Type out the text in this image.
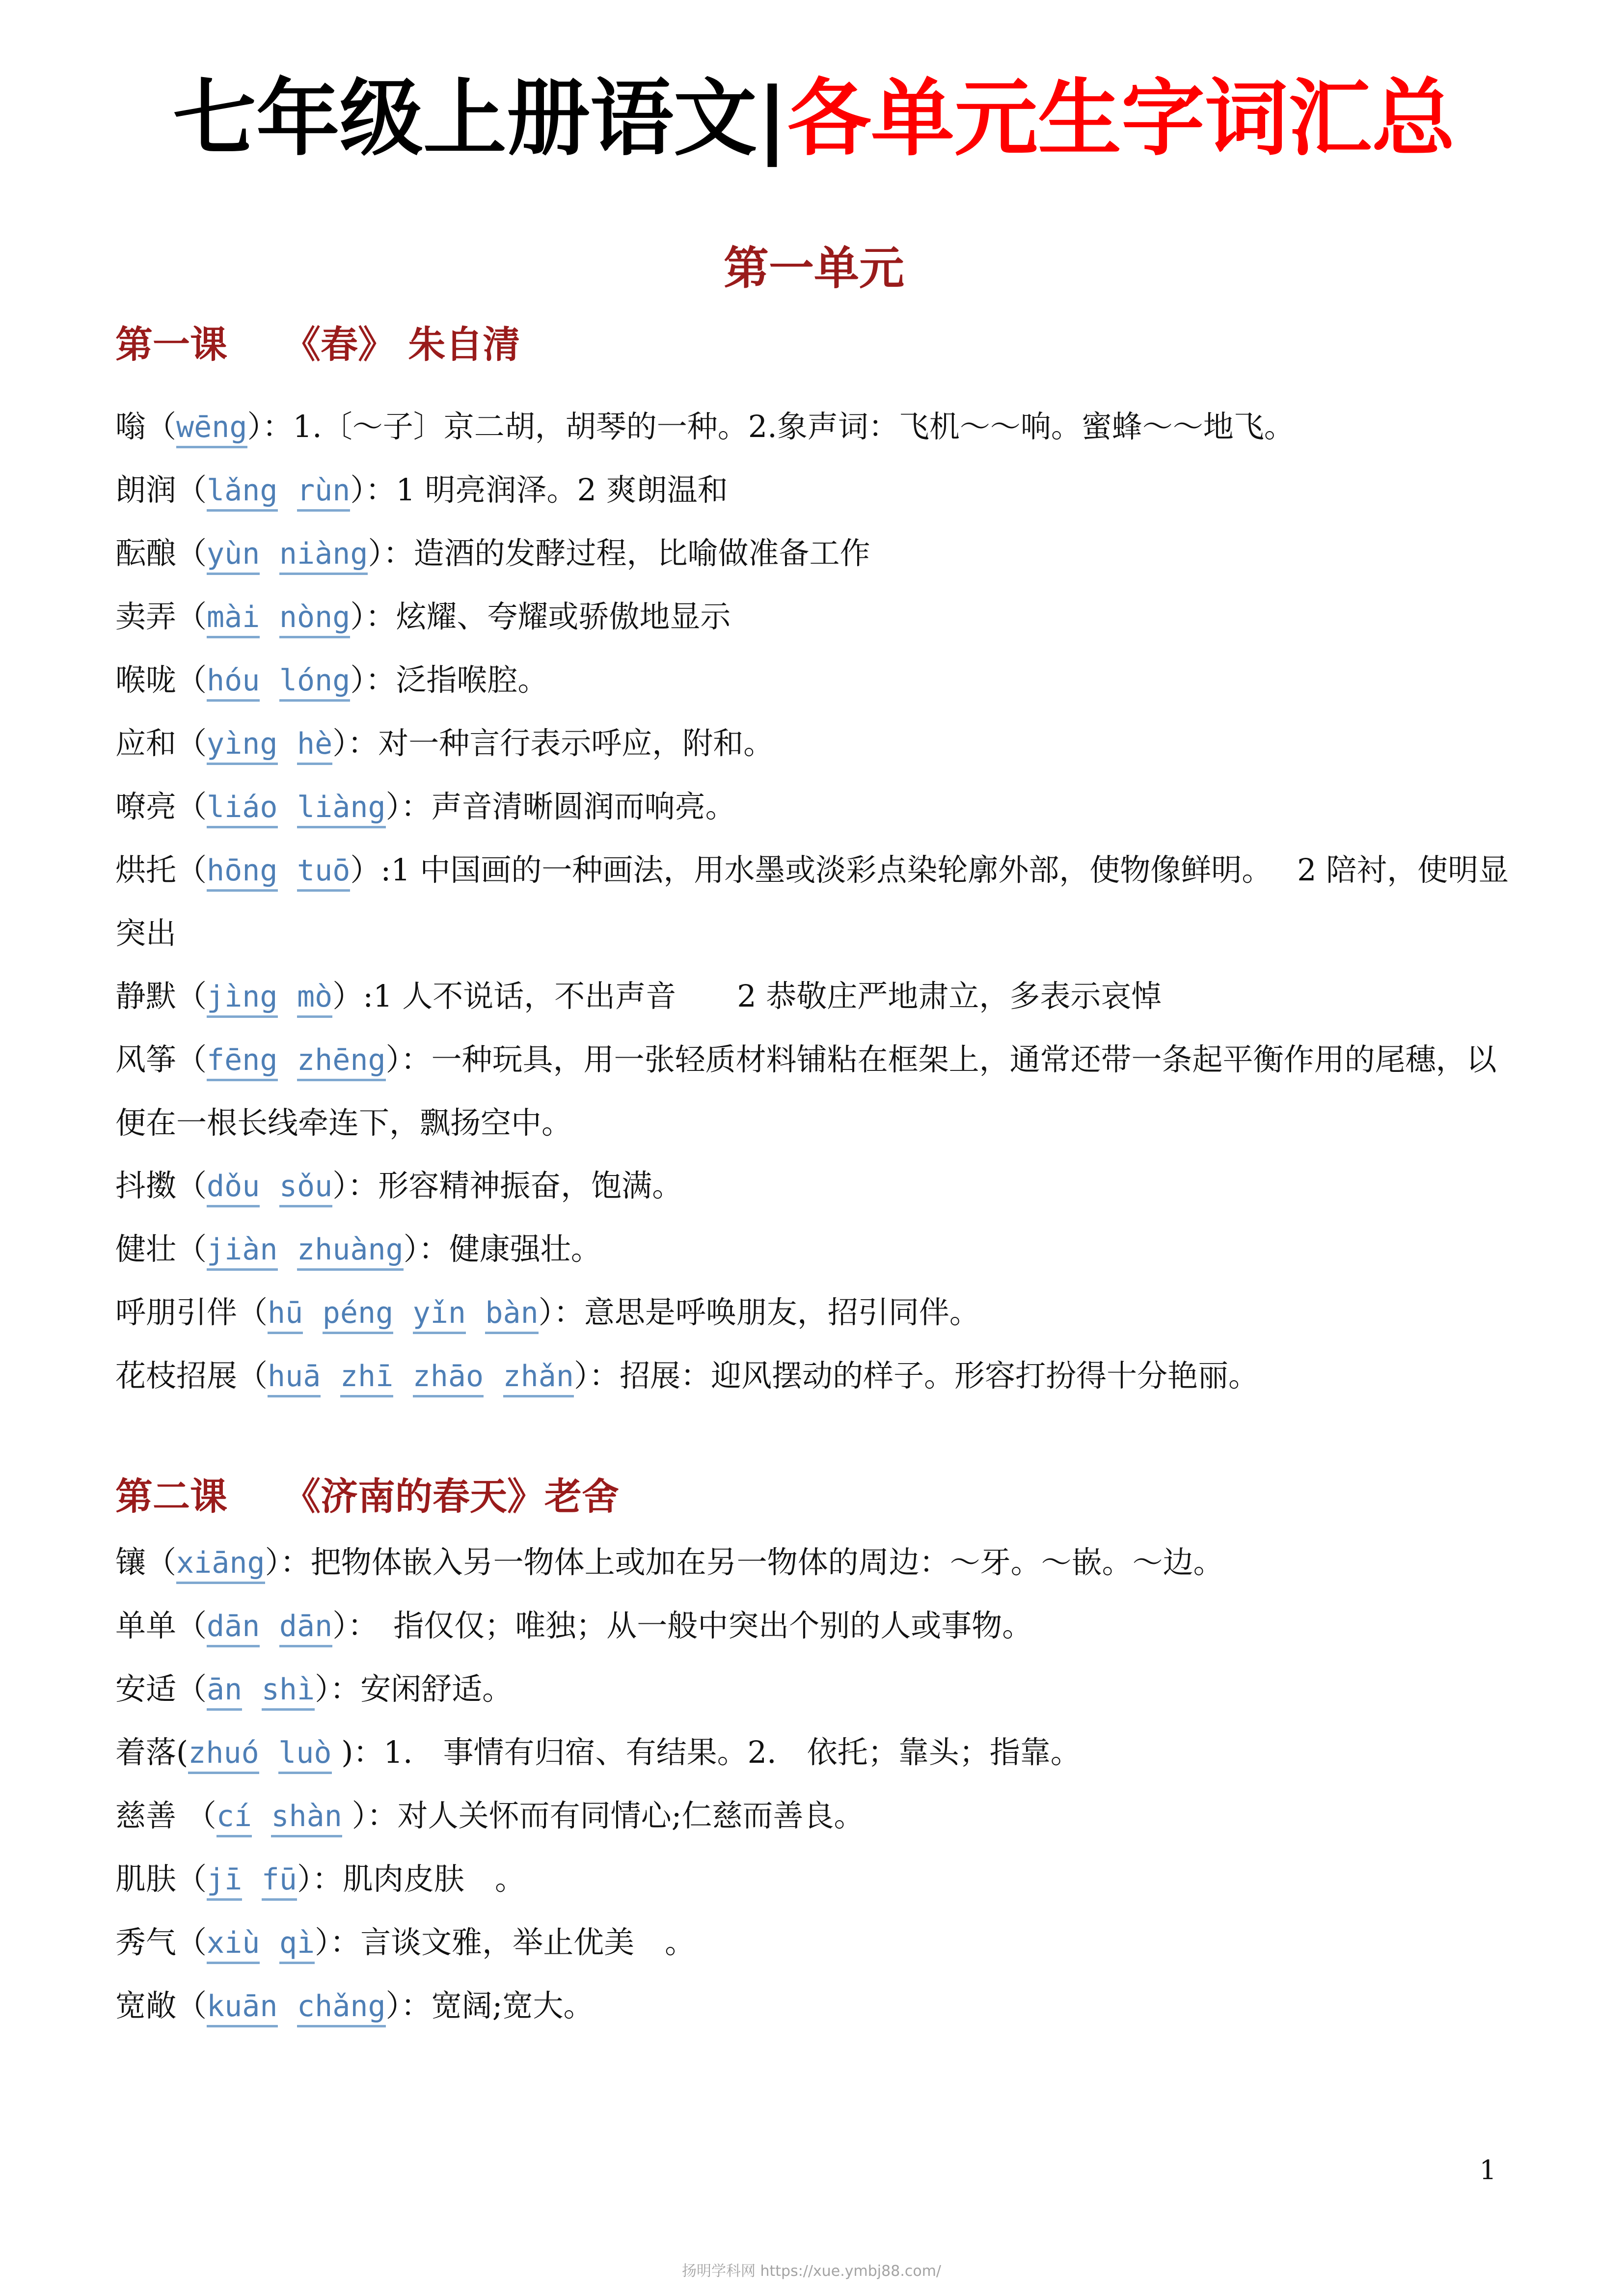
七年级上册语文|各单元生字词汇总
第一单元
第一课　　《春》 朱自清

嗡（wēng）：1.〔～子〕京二胡，胡琴的一种。2.象声词：飞机～～响。蜜蜂～～地飞。

朗润（lǎng rùn）：1 明亮润泽。2 爽朗温和

酝酿（yùn niàng）：造酒的发酵过程，比喻做准备工作

卖弄（mài nòng）：炫耀、夸耀或骄傲地显示

喉咙（hóu lóng）：泛指喉腔。

应和（yìng hè）：对一种言行表示呼应，附和。

嘹亮（liáo liàng）：声音清晰圆润而响亮。

烘托（hōng tuō）:1 中国画的一种画法，用水墨或淡彩点染轮廓外部，使物像鲜明。　 2 陪衬，使明显突出

静默（jìng mò）:1 人不说话，不出声音　　2 恭敬庄严地肃立，多表示哀悼

风筝（fēng zhēng）：一种玩具，用一张轻质材料铺粘在框架上，通常还带一条起平衡作用的尾穗，以便在一根长线牵连下，飘扬空中。

抖擞（dǒu sǒu）：形容精神振奋，饱满。

健壮（jiàn zhuàng）：健康强壮。

呼朋引伴（hū péng yǐn bàn）：意思是呼唤朋友，招引同伴。

花枝招展（huā zhī zhāo zhǎn）：招展：迎风摆动的样子。形容打扮得十分艳丽。

第二课　　《济南的春天》老舍

镶（xiāng）：把物体嵌入另一物体上或加在另一物体的周边：～牙。～嵌。～边。

单单（dān dān）：　指仅仅；唯独；从一般中突出个别的人或事物。

安适（ān shì）：安闲舒适。

着落(zhuó luò )：1.　事情有归宿、有结果。2.　依托；靠头；指靠。

慈善 （cí shàn ）：对人关怀而有同情心;仁慈而善良。

肌肤（jī fū）：肌肉皮肤　。

秀气（xiù qì）：言谈文雅，举止优美　。

宽敞（kuān chǎng）：宽阔;宽大。

1
扬明学科网 https://xue.ymbj88.com/
